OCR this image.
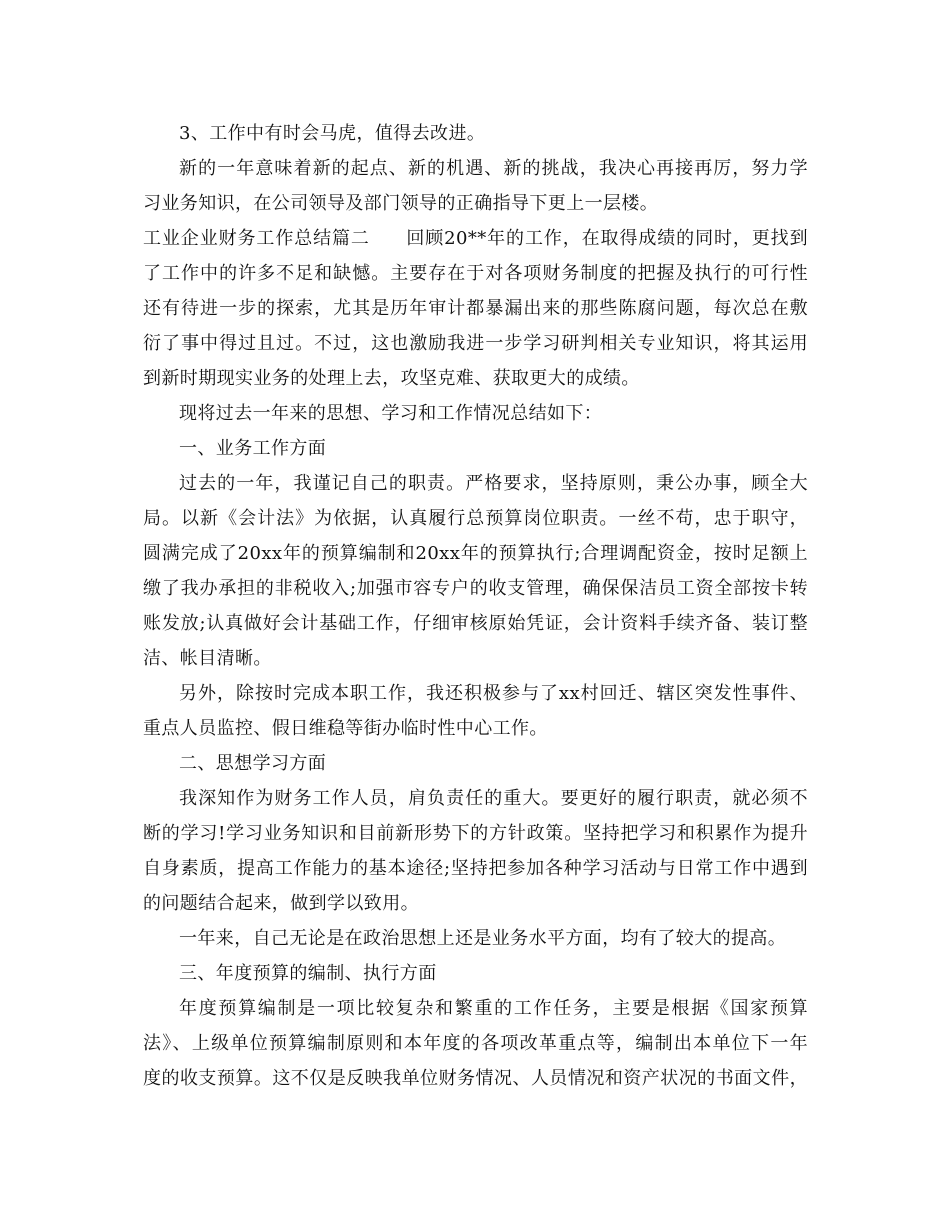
3、工作中有时会马虎，值得去改进。
新的一年意味着新的起点、新的机遇、新的挑战，我决心再接再厉，努力学
习业务知识，在公司领导及部门领导的正确指导下更上一层楼。
工业企业财务工作总结篇二 回顾20**年的工作，在取得成绩的同时，更找到
了工作中的许多不足和缺憾。主要存在于对各项财务制度的把握及执行的可行性
还有待进一步的探索，尤其是历年审计都暴漏出来的那些陈腐问题，每次总在敷
衍了事中得过且过。不过，这也激励我进一步学习研判相关专业知识，将其运用
到新时期现实业务的处理上去，攻坚克难、获取更大的成绩。
现将过去一年来的思想、学习和工作情况总结如下：
一、业务工作方面
过去的一年，我谨记自己的职责。严格要求，坚持原则，秉公办事，顾全大
局。以新《会计法》为依据，认真履行总预算岗位职责。一丝不苟，忠于职守，
圆满完成了20xx年的预算编制和20xx年的预算执行;合理调配资金，按时足额上
缴了我办承担的非税收入;加强市容专户的收支管理，确保保洁员工资全部按卡转
账发放;认真做好会计基础工作，仔细审核原始凭证，会计资料手续齐备、装订整
洁、帐目清晰。
另外，除按时完成本职工作，我还积极参与了xx村回迁、辖区突发性事件、
重点人员监控、假日维稳等街办临时性中心工作。
二、思想学习方面
我深知作为财务工作人员，肩负责任的重大。要更好的履行职责，就必须不
断的学习!学习业务知识和目前新形势下的方针政策。坚持把学习和积累作为提升
自身素质，提高工作能力的基本途径;坚持把参加各种学习活动与日常工作中遇到
的问题结合起来，做到学以致用。
一年来，自己无论是在政治思想上还是业务水平方面，均有了较大的提高。
三、年度预算的编制、执行方面
年度预算编制是一项比较复杂和繁重的工作任务，主要是根据《国家预算
法》、上级单位预算编制原则和本年度的各项改革重点等，编制出本单位下一年
度的收支预算。这不仅是反映我单位财务情况、人员情况和资产状况的书面文件，
